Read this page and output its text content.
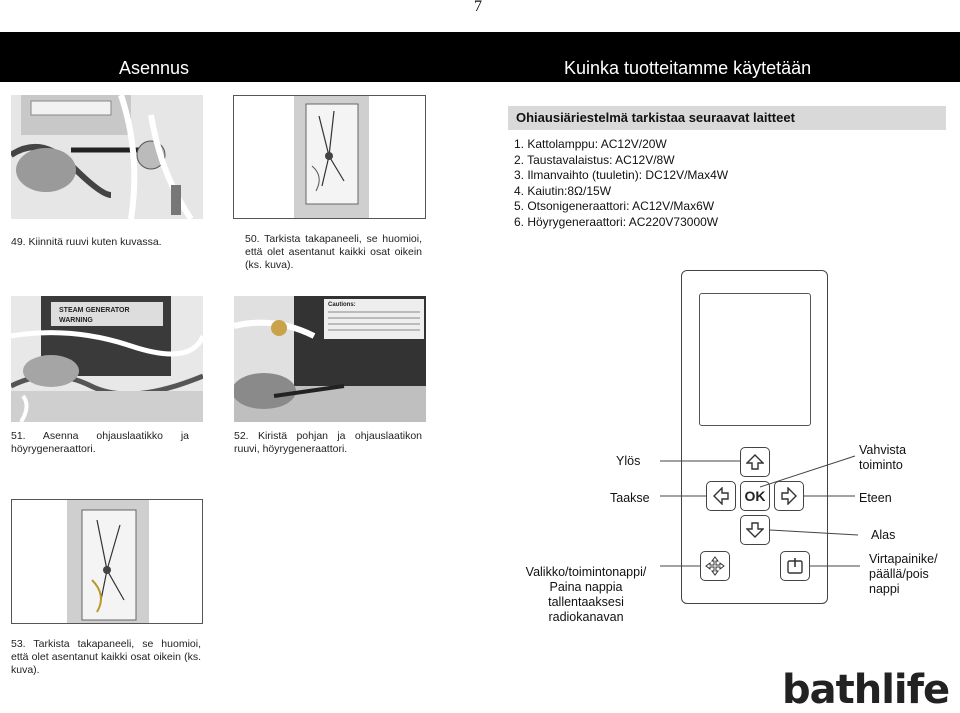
7
Asennus	Kuinka tuotteitamme käytetään
49. Kiinnitä ruuvi kuten kuvassa.	50. Tarkista takapaneeli, se huomioi, että olet asentanut kaikki osat oikein (ks. kuva).
STEAM GENERATOR
WARNING
51. Asenna ohjauslaatikko ja höyrygeneraattori.
Cautions:
52. Kiristä pohjan ja ohjauslaatikon ruuvi, höyrygeneraattori.
53. Tarkista takapaneeli, se huomioi, että olet asentanut kaikki osat oikein (ks. kuva).
Ohiausiäriestelmä tarkistaa seuraavat laitteet
1. Kattolamppu: AC12V/20W
2. Taustavalaistus: AC12V/8W
3. Ilmanvaihto (tuuletin): DC12V/Max4W
4. Kaiutin:8Ω/15W
5. Otsonigeneraattori: AC12V/Max6W
6. Höyrygeneraattori: AC220V73000W
OK
Ylös
Taakse
Vahvista toiminto
Eteen
Alas
Valikko/toimintonappi/ Paina nappia tallentaaksesi radiokanavan
Virtapainike/ päällä/pois nappi
bathlife
